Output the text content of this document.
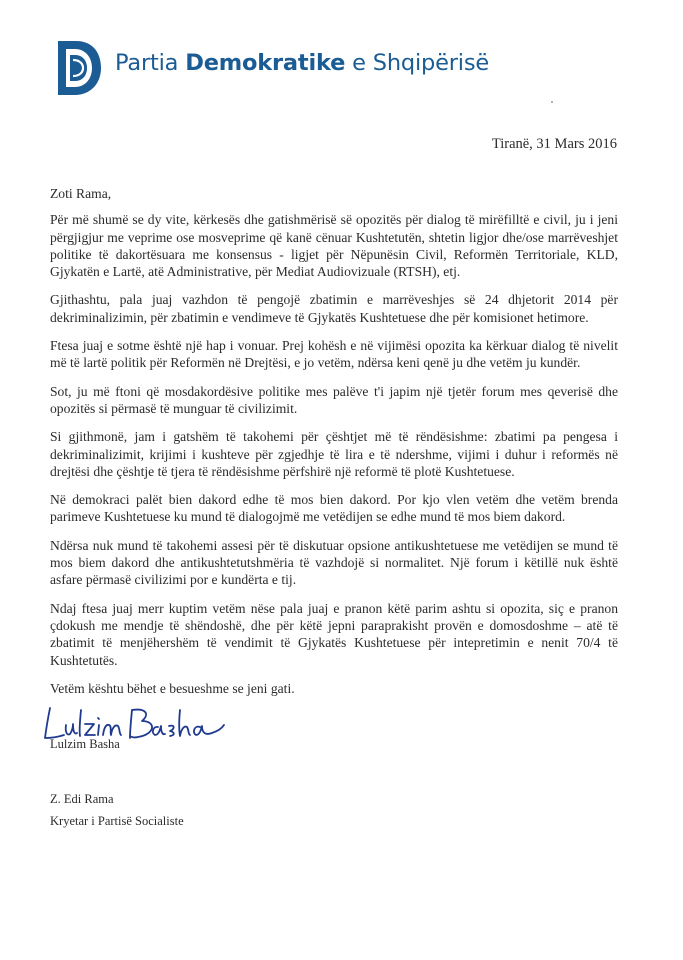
Partia Demokratike e Shqipërisë
Tiranë, 31 Mars 2016

Zoti Rama,

Për më shumë se dy vite, kërkesës dhe gatishmërisë së opozitës për dialog të mirëfilltë e civil, ju i jeni përgjigjur me veprime ose mosveprime që kanë cënuar Kushtetutën, shtetin ligjor dhe/ose marrëveshjet politike të dakortësuara me konsensus - ligjet për Nëpunësin Civil, Reformën Territoriale, KLD, Gjykatën e Lartë, atë Administrative, për Mediat Audiovizuale (RTSH), etj.

Gjithashtu, pala juaj vazhdon të pengojë zbatimin e marrëveshjes së 24 dhjetorit 2014 për dekriminalizimin, për zbatimin e vendimeve të Gjykatës Kushtetuese dhe për komisionet hetimore.

Ftesa juaj e sotme është një hap i vonuar. Prej kohësh e në vijimësi opozita ka kërkuar dialog të nivelit më të lartë politik për Reformën në Drejtësi, e jo vetëm, ndërsa keni qenë ju dhe vetëm ju kundër.

Sot, ju më ftoni që mosdakordësive politike mes palëve t'i japim një tjetër forum mes qeverisë dhe opozitës si përmasë të munguar të civilizimit.

Si gjithmonë, jam i gatshëm të takohemi për çështjet më të rëndësishme: zbatimi pa pengesa i dekriminalizimit, krijimi i kushteve për zgjedhje të lira e të ndershme, vijimi i duhur i reformës në drejtësi dhe çështje të tjera të rëndësishme përfshirë një reformë të plotë Kushtetuese.

Në demokraci palët bien dakord edhe të mos bien dakord. Por kjo vlen vetëm dhe vetëm brenda parimeve Kushtetuese ku mund të dialogojmë me vetëdijen se edhe mund të mos biem dakord.

Ndërsa nuk mund të takohemi assesi për të diskutuar opsione antikushtetuese me vetëdijen se mund të mos biem dakord dhe antikushtetutshmëria të vazhdojë si normalitet. Një forum i këtillë nuk është asfare përmasë civilizimi por e kundërta e tij.

Ndaj ftesa juaj merr kuptim vetëm nëse pala juaj e pranon këtë parim ashtu si opozita, siç e pranon çdokush me mendje të shëndoshë, dhe për këtë jepni paraprakisht provën e domosdoshme – atë të zbatimit të menjëhershëm të vendimit të Gjykatës Kushtetuese për intepretimin e nenit 70/4 të Kushtetutës.

Vetëm kështu bëhet e besueshme se jeni gati.

Lulzim Basha
Z. Edi Rama
Kryetar i Partisë Socialiste
